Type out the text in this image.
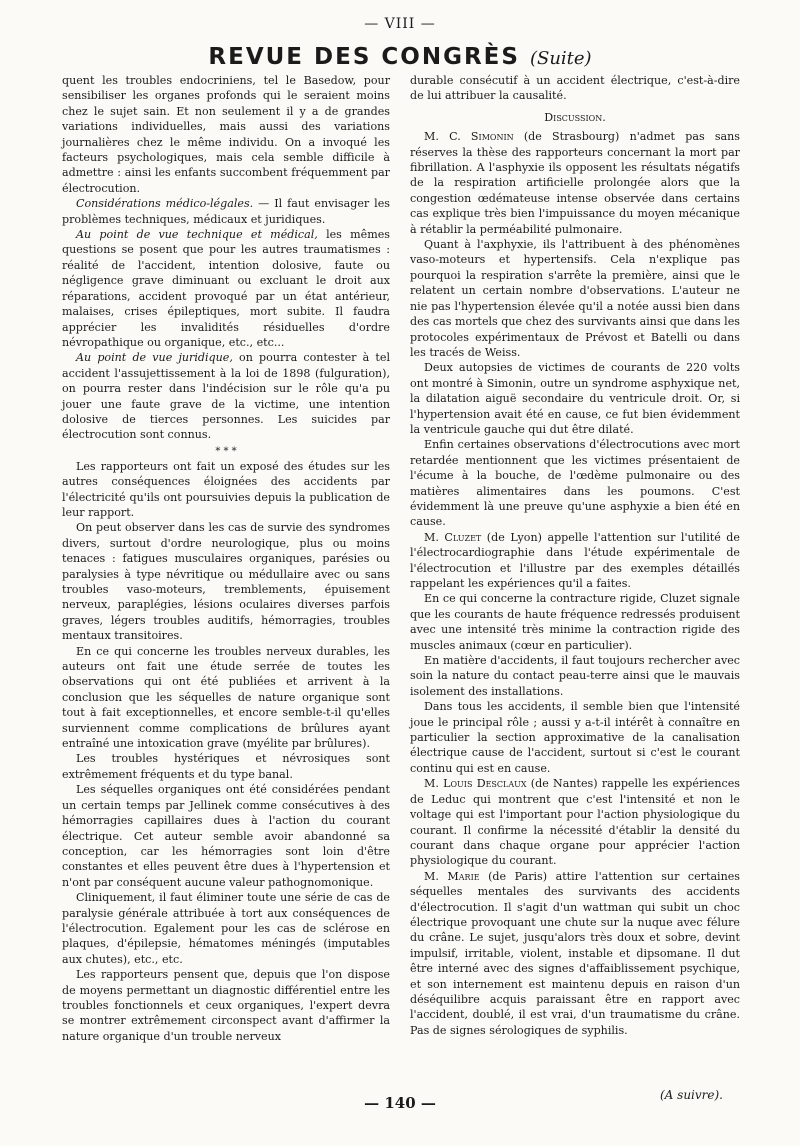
— VIII —
REVUE DES CONGRÈS (Suite)

quent les troubles endocriniens, tel le Basedow, pour sensibiliser les organes profonds qui le seraient moins chez le sujet sain. Et non seulement il y a de grandes variations individuelles, mais aussi des variations journalières chez le même individu. On a invoqué les facteurs psychologiques, mais cela semble difficile à admettre : ainsi les enfants succombent fréquemment par électrocution.

Considérations médico-légales. — Il faut envisager les problèmes techniques, médicaux et juridiques.

Au point de vue technique et médical, les mêmes questions se posent que pour les autres traumatismes : réalité de l'accident, intention dolosive, faute ou négligence grave diminuant ou excluant le droit aux réparations, accident provoqué par un état antérieur, malaises, crises épileptiques, mort subite. Il faudra apprécier les invalidités résiduelles d'ordre névropathique ou organique, etc., etc...

Au point de vue juridique, on pourra contester à tel accident l'assujettissement à la loi de 1898 (fulguration), on pourra rester dans l'indécision sur le rôle qu'a pu jouer une faute grave de la victime, une intention dolosive de tierces personnes. Les suicides par électrocution sont connus.

* * *

Les rapporteurs ont fait un exposé des études sur les autres conséquences éloignées des accidents par l'électricité qu'ils ont poursuivies depuis la publication de leur rapport.

On peut observer dans les cas de survie des syndromes divers, surtout d'ordre neurologique, plus ou moins tenaces : fatigues musculaires organiques, parésies ou paralysies à type névritique ou médullaire avec ou sans troubles vaso-moteurs, tremblements, épuisement nerveux, paraplégies, lésions oculaires diverses parfois graves, légers troubles auditifs, hémorragies, troubles mentaux transitoires.

En ce qui concerne les troubles nerveux durables, les auteurs ont fait une étude serrée de toutes les observations qui ont été publiées et arrivent à la conclusion que les séquelles de nature organique sont tout à fait exceptionnelles, et encore semble-t-il qu'elles surviennent comme complications de brûlures ayant entraîné une intoxication grave (myélite par brûlures).

Les troubles hystériques et névrosiques sont extrêmement fréquents et du type banal.

Les séquelles organiques ont été considérées pendant un certain temps par Jellinek comme consécutives à des hémorragies capillaires dues à l'action du courant électrique. Cet auteur semble avoir abandonné sa conception, car les hémorragies sont loin d'être constantes et elles peuvent être dues à l'hypertension et n'ont par conséquent aucune valeur pathognomonique.

Cliniquement, il faut éliminer toute une série de cas de paralysie générale attribuée à tort aux conséquences de l'électrocution. Egalement pour les cas de sclérose en plaques, d'épilepsie, hématomes méningés (imputables aux chutes), etc., etc.

Les rapporteurs pensent que, depuis que l'on dispose de moyens permettant un diagnostic différentiel entre les troubles fonctionnels et ceux organiques, l'expert devra se montrer extrêmement circonspect avant d'affirmer la nature organique d'un trouble nerveux

durable consécutif à un accident électrique, c'est-à-dire de lui attribuer la causalité.

Discussion.

M. C. Simonin (de Strasbourg) n'admet pas sans réserves la thèse des rapporteurs concernant la mort par fibrillation. A l'asphyxie ils opposent les résultats négatifs de la respiration artificielle prolongée alors que la congestion œdémateuse intense observée dans certains cas explique très bien l'impuissance du moyen mécanique à rétablir la perméabilité pulmonaire.

Quant à l'axphyxie, ils l'attribuent à des phénomènes vaso-moteurs et hypertensifs. Cela n'explique pas pourquoi la respiration s'arrête la première, ainsi que le relatent un certain nombre d'observations. L'auteur ne nie pas l'hypertension élevée qu'il a notée aussi bien dans des cas mortels que chez des survivants ainsi que dans les protocoles expérimentaux de Prévost et Batelli ou dans les tracés de Weiss.

Deux autopsies de victimes de courants de 220 volts ont montré à Simonin, outre un syndrome asphyxique net, la dilatation aiguë secondaire du ventricule droit. Or, si l'hypertension avait été en cause, ce fut bien évidemment la ventricule gauche qui dut être dilaté.

Enfin certaines observations d'électrocutions avec mort retardée mentionnent que les victimes présentaient de l'écume à la bouche, de l'œdème pulmonaire ou des matières alimentaires dans les poumons. C'est évidemment là une preuve qu'une asphyxie a bien été en cause.

M. Cluzet (de Lyon) appelle l'attention sur l'utilité de l'électrocardiographie dans l'étude expérimentale de l'électrocution et l'illustre par des exemples détaillés rappelant les expériences qu'il a faites.

En ce qui concerne la contracture rigide, Cluzet signale que les courants de haute fréquence redressés produisent avec une intensité très minime la contraction rigide des muscles animaux (cœur en particulier).

En matière d'accidents, il faut toujours rechercher avec soin la nature du contact peau-terre ainsi que le mauvais isolement des installations.

Dans tous les accidents, il semble bien que l'intensité joue le principal rôle ; aussi y a-t-il intérêt à connaître en particulier la section approximative de la canalisation électrique cause de l'accident, surtout si c'est le courant continu qui est en cause.

M. Louis Desclaux (de Nantes) rappelle les expériences de Leduc qui montrent que c'est l'intensité et non le voltage qui est l'important pour l'action physiologique du courant. Il confirme la nécessité d'établir la densité du courant dans chaque organe pour apprécier l'action physiologique du courant.

M. Marie (de Paris) attire l'attention sur certaines séquelles mentales des survivants des accidents d'électrocution. Il s'agit d'un wattman qui subit un choc électrique provoquant une chute sur la nuque avec félure du crâne. Le sujet, jusqu'alors très doux et sobre, devint impulsif, irritable, violent, instable et dipsomane. Il dut être interné avec des signes d'affaiblissement psychique, et son internement est maintenu depuis en raison d'un déséquilibre acquis paraissant être en rapport avec l'accident, doublé, il est vrai, d'un traumatisme du crâne. Pas de signes sérologiques de syphilis.

(A suivre).
— 140 —
